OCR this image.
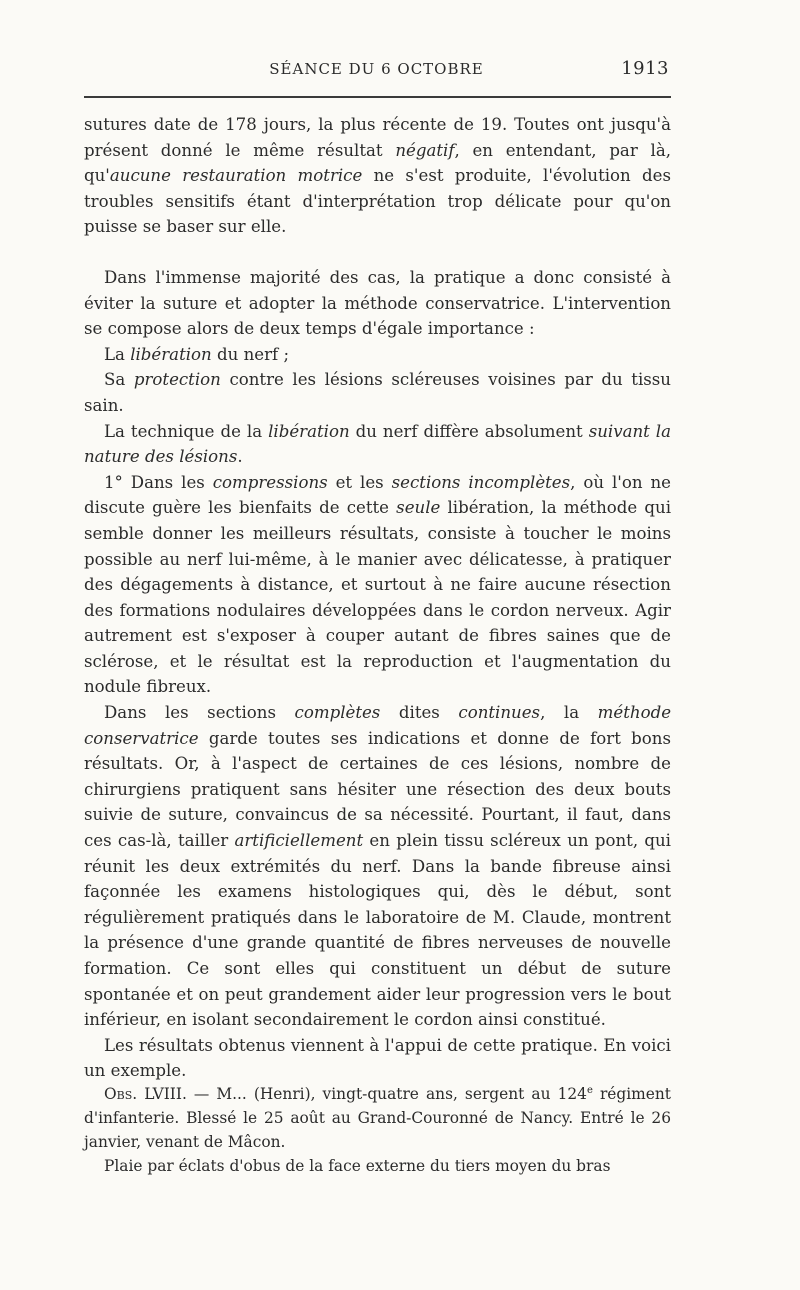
SÉANCE DU 6 OCTOBRE	1913

sutures date de 178 jours, la plus récente de 19. Toutes ont jusqu'à présent donné le même résultat négatif, en entendant, par là, qu'aucune restauration motrice ne s'est produite, l'évolution des troubles sensitifs étant d'interprétation trop délicate pour qu'on puisse se baser sur elle.

Dans l'immense majorité des cas, la pratique a donc consisté à éviter la suture et adopter la méthode conservatrice. L'intervention se compose alors de deux temps d'égale importance :

La libération du nerf ;

Sa protection contre les lésions scléreuses voisines par du tissu sain.

La technique de la libération du nerf diffère absolument suivant la nature des lésions.

1° Dans les compressions et les sections incomplètes, où l'on ne discute guère les bienfaits de cette seule libération, la méthode qui semble donner les meilleurs résultats, consiste à toucher le moins possible au nerf lui-même, à le manier avec délicatesse, à pratiquer des dégagements à distance, et surtout à ne faire aucune résection des formations nodulaires développées dans le cordon nerveux. Agir autrement est s'exposer à couper autant de fibres saines que de sclérose, et le résultat est la reproduction et l'augmentation du nodule fibreux.

Dans les sections complètes dites continues, la méthode conservatrice garde toutes ses indications et donne de fort bons résultats. Or, à l'aspect de certaines de ces lésions, nombre de chirurgiens pratiquent sans hésiter une résection des deux bouts suivie de suture, convaincus de sa nécessité. Pourtant, il faut, dans ces cas-là, tailler artificiellement en plein tissu scléreux un pont, qui réunit les deux extrémités du nerf. Dans la bande fibreuse ainsi façonnée les examens histologiques qui, dès le début, sont régulièrement pratiqués dans le laboratoire de M. Claude, montrent la présence d'une grande quantité de fibres nerveuses de nouvelle formation. Ce sont elles qui constituent un début de suture spontanée et on peut grandement aider leur progression vers le bout inférieur, en isolant secondairement le cordon ainsi constitué.

Les résultats obtenus viennent à l'appui de cette pratique. En voici un exemple.

Obs. LVIII. — M... (Henri), vingt-quatre ans, sergent au 124e régiment d'infanterie. Blessé le 25 août au Grand-Couronné de Nancy. Entré le 26 janvier, venant de Mâcon.

Plaie par éclats d'obus de la face externe du tiers moyen du bras
